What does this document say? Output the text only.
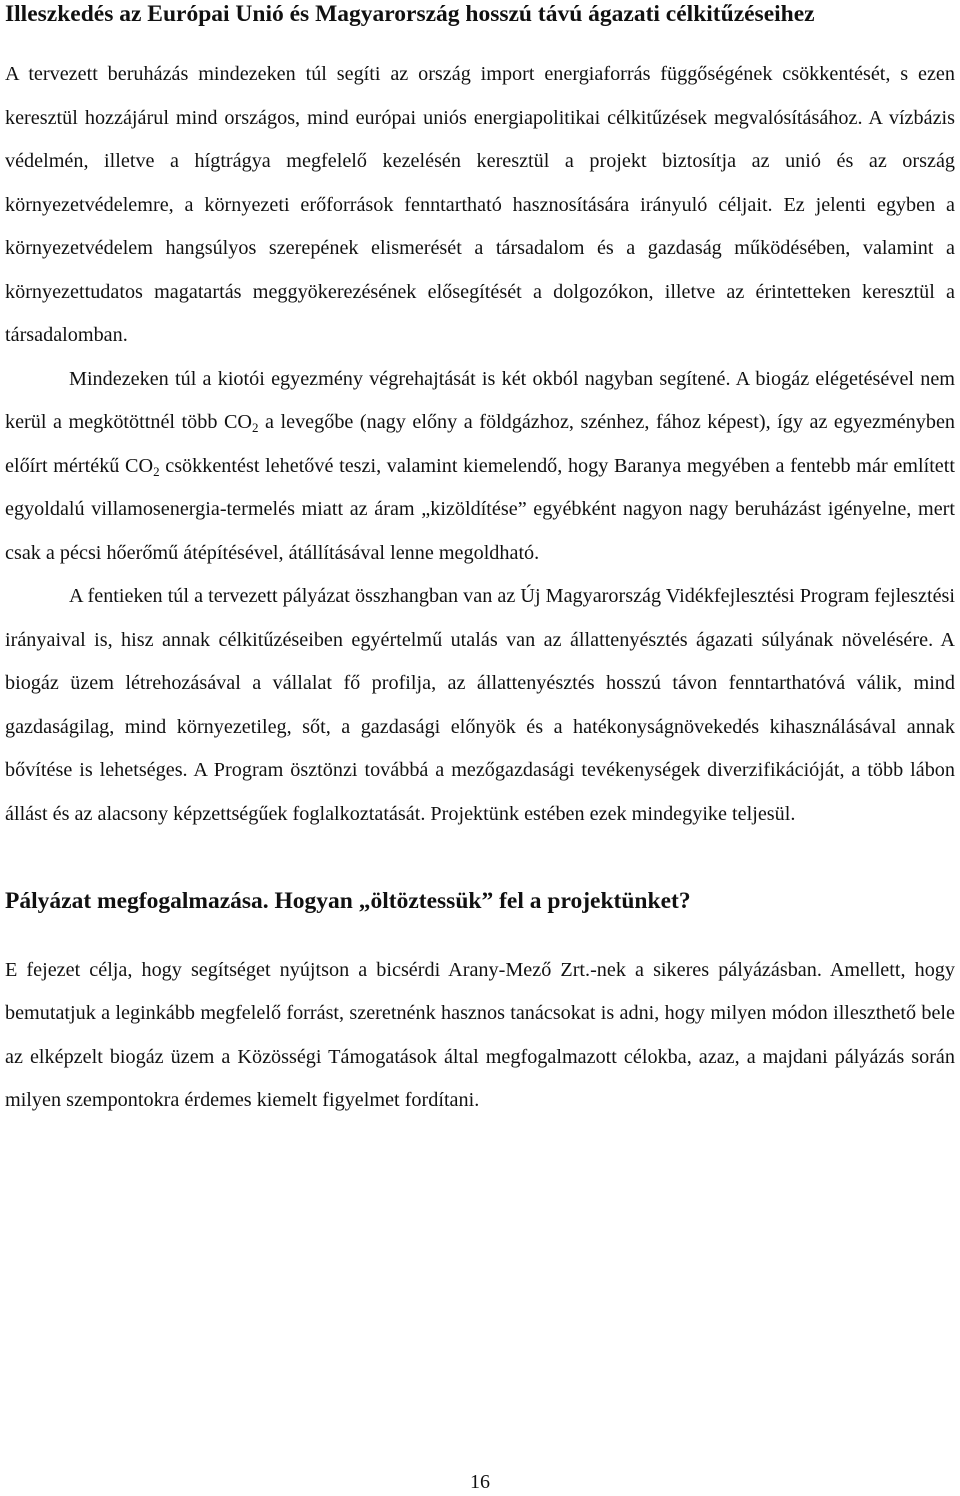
Illeszkedés az Európai Unió és Magyarország hosszú távú ágazati célkitűzéseihez

A tervezett beruházás mindezeken túl segíti az ország import energiaforrás függőségének csökkentését, s ezen keresztül hozzájárul mind országos, mind európai uniós energiapolitikai célkitűzések megvalósításához. A vízbázis védelmén, illetve a hígtrágya megfelelő kezelésén keresztül a projekt biztosítja az unió és az ország környezetvédelemre, a környezeti erőforrások fenntartható hasznosítására irányuló céljait. Ez jelenti egyben a környezetvédelem hangsúlyos szerepének elismerését a társadalom és a gazdaság működésében, valamint a környezettudatos magatartás meggyökerezésének elősegítését a dolgozókon, illetve az érintetteken keresztül a társadalomban.

Mindezeken túl a kiotói egyezmény végrehajtását is két okból nagyban segítené. A biogáz elégetésével nem kerül a megkötöttnél több $CO_2$ a levegőbe (nagy előny a földgázhoz, szénhez, fához képest), így az egyezményben előírt mértékű $CO_2$ csökkentést lehetővé teszi, valamint kiemelendő, hogy Baranya megyében a fentebb már említett egyoldalú villamosenergia-termelés miatt az áram „kizöldítése” egyébként nagyon nagy beruházást igényelne, mert csak a pécsi hőerőmű átépítésével, átállításával lenne megoldható.

A fentieken túl a tervezett pályázat összhangban van az Új Magyarország Vidékfejlesztési Program fejlesztési irányaival is, hisz annak célkitűzéseiben egyértelmű utalás van az állattenyésztés ágazati súlyának növelésére. A biogáz üzem létrehozásával a vállalat fő profilja, az állattenyésztés hosszú távon fenntarthatóvá válik, mind gazdaságilag, mind környezetileg, sőt, a gazdasági előnyök és a hatékonyságnövekedés kihasználásával annak bővítése is lehetséges. A Program ösztönzi továbbá a mezőgazdasági tevékenységek diverzifikációját, a több lábon állást és az alacsony képzettségűek foglalkoztatását. Projektünk estében ezek mindegyike teljesül.

Pályázat megfogalmazása. Hogyan „öltöztessük” fel a projektünket?

E fejezet célja, hogy segítséget nyújtson a bicsérdi Arany-Mező Zrt.-nek a sikeres pályázásban. Amellett, hogy bemutatjuk a leginkább megfelelő forrást, szeretnénk hasznos tanácsokat is adni, hogy milyen módon illeszthető bele az elképzelt biogáz üzem a Közösségi Támogatások által megfogalmazott célokba, azaz, a majdani pályázás során milyen szempontokra érdemes kiemelt figyelmet fordítani.

16
